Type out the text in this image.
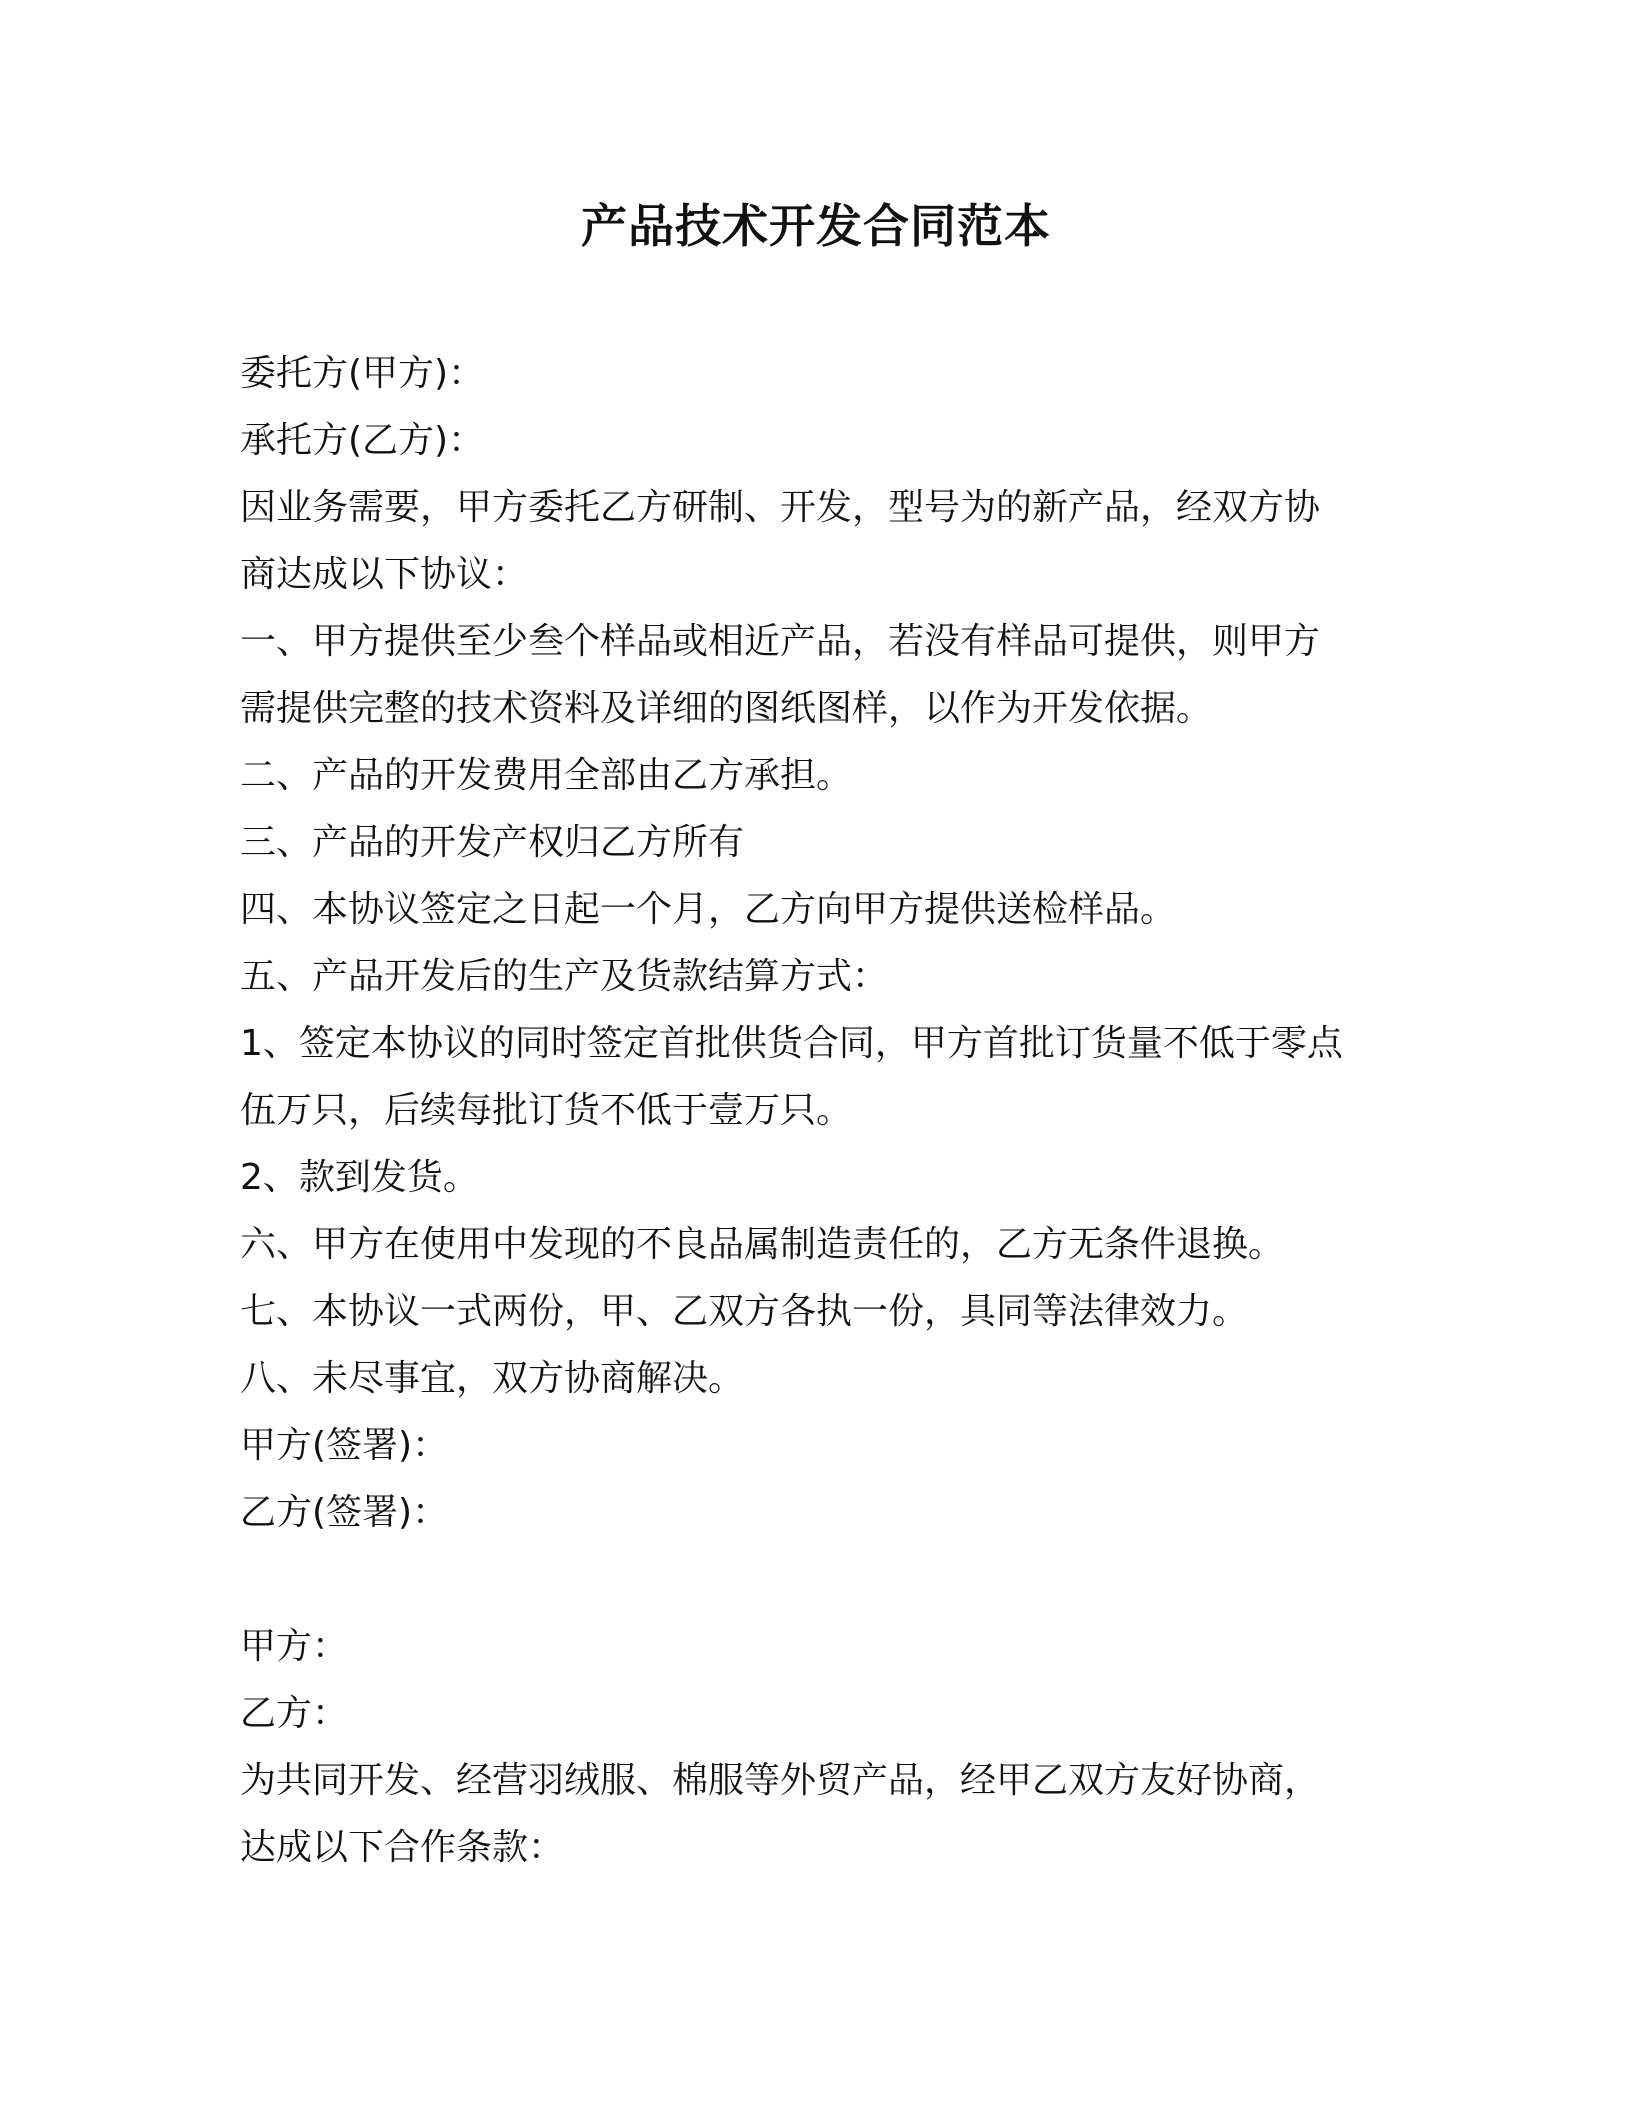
产品技术开发合同范本

委托方(甲方)：

承托方(乙方)：

因业务需要，甲方委托乙方研制、开发，型号为的新产品，经双方协

商达成以下协议：

一、甲方提供至少叁个样品或相近产品，若没有样品可提供，则甲方

需提供完整的技术资料及详细的图纸图样，以作为开发依据。

二、产品的开发费用全部由乙方承担。

三、产品的开发产权归乙方所有

四、本协议签定之日起一个月，乙方向甲方提供送检样品。

五、产品开发后的生产及货款结算方式：

1、签定本协议的同时签定首批供货合同，甲方首批订货量不低于零点

伍万只，后续每批订货不低于壹万只。

2、款到发货。

六、甲方在使用中发现的不良品属制造责任的，乙方无条件退换。

七、本协议一式两份，甲、乙双方各执一份，具同等法律效力。

八、未尽事宜，双方协商解决。

甲方(签署)：

乙方(签署)：

甲方：

乙方：

为共同开发、经营羽绒服、棉服等外贸产品，经甲乙双方友好协商，

达成以下合作条款：
